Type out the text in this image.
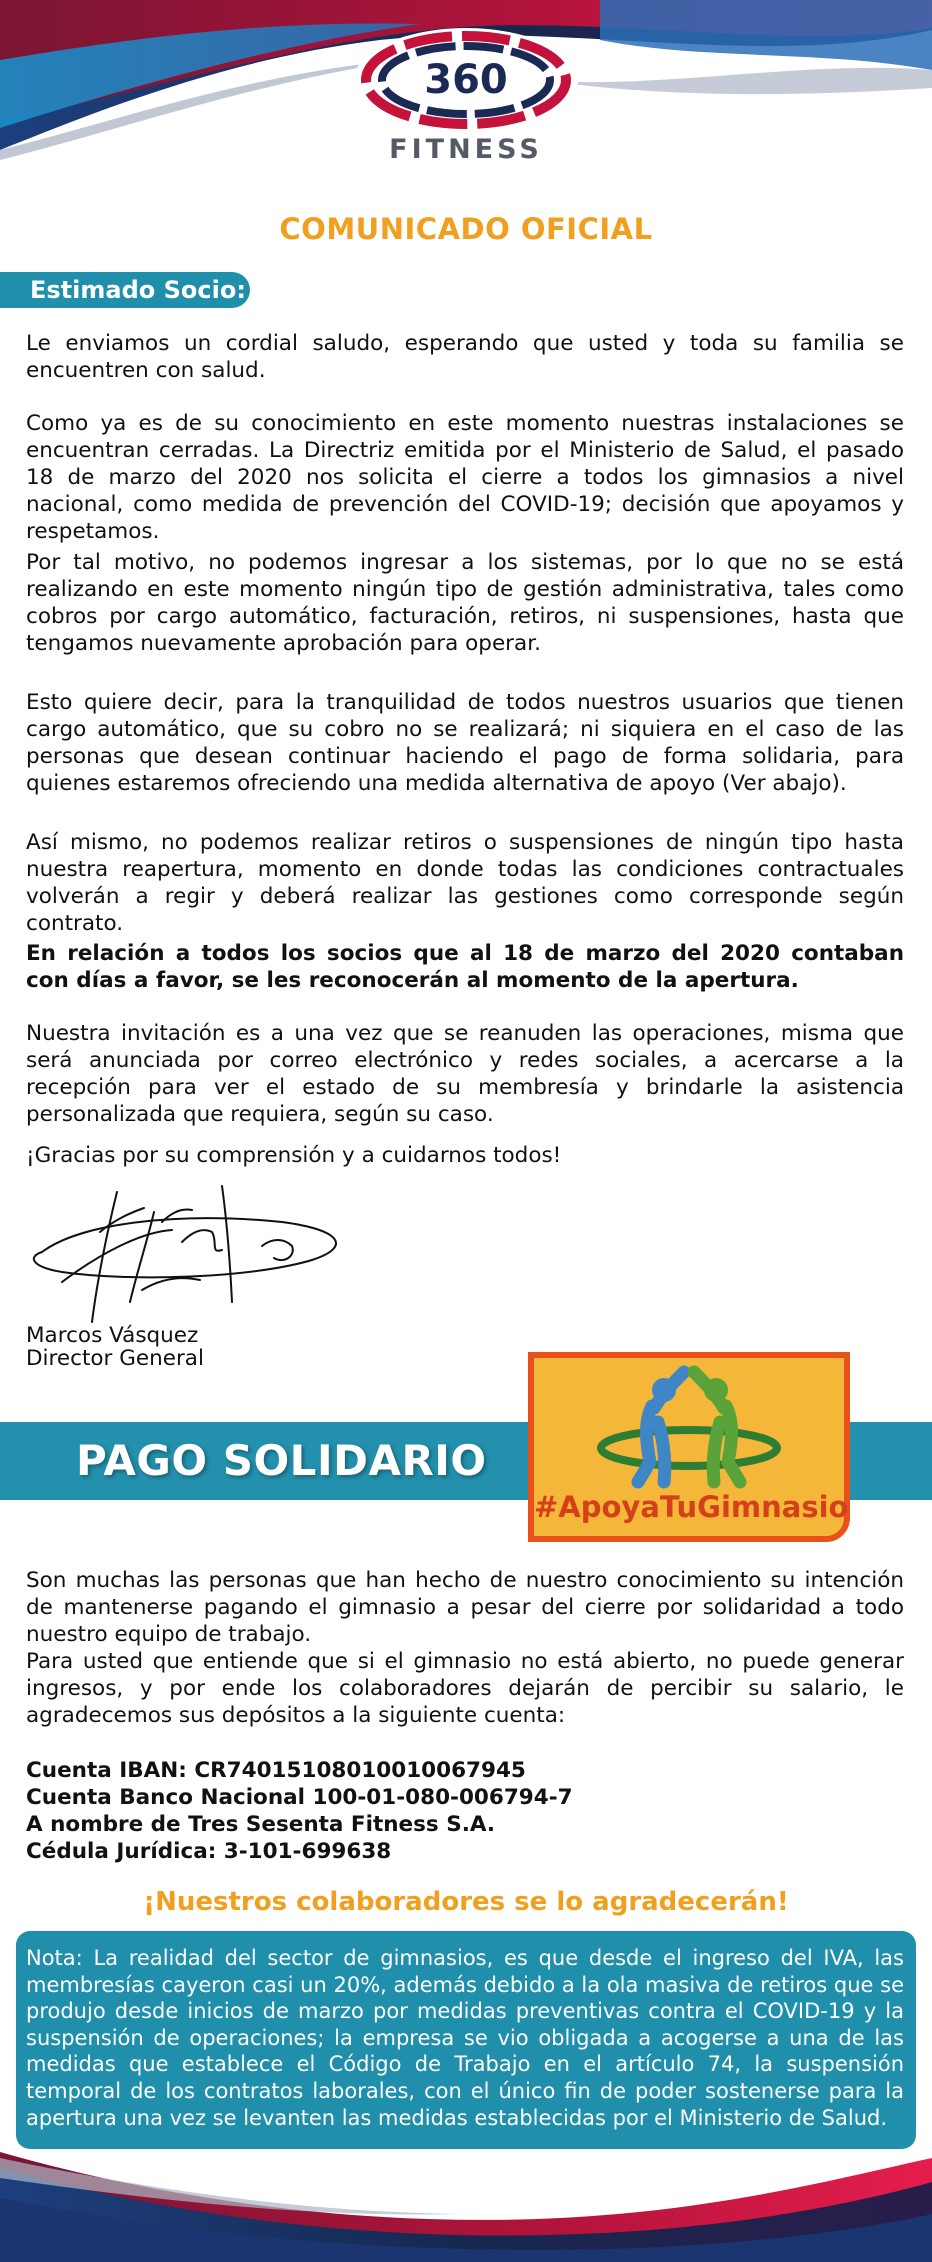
360
FITNESS
COMUNICADO OFICIAL
Estimado Socio:

Le enviamos un cordial saludo, esperando que usted y toda su familia se encuentren con salud.

Como ya es de su conocimiento en este momento nuestras instalaciones se encuentran cerradas. La Directriz emitida por el Ministerio de Salud, el pasado 18 de marzo del 2020 nos solicita el cierre a todos los gimnasios a nivel nacional, como medida de prevención del COVID-19; decisión que apoyamos y respetamos.

Por tal motivo, no podemos ingresar a los sistemas, por lo que no se está realizando en este momento ningún tipo de gestión administrativa, tales como cobros por cargo automático, facturación, retiros, ni suspensiones, hasta que tengamos nuevamente aprobación para operar.

Esto quiere decir, para la tranquilidad de todos nuestros usuarios que tienen cargo automático, que su cobro no se realizará; ni siquiera en el caso de las personas que desean continuar haciendo el pago de forma solidaria, para quienes estaremos ofreciendo una medida alternativa de apoyo (Ver abajo).

Así mismo, no podemos realizar retiros o suspensiones de ningún tipo hasta nuestra reapertura, momento en donde todas las condiciones contractuales volverán a regir y deberá realizar las gestiones como corresponde según contrato.

En relación a todos los socios que al 18 de marzo del 2020 contaban con días a favor, se les reconocerán al momento de la apertura.

Nuestra invitación es a una vez que se reanuden las operaciones, misma que será anunciada por correo electrónico y redes sociales, a acercarse a la recepción para ver el estado de su membresía y brindarle la asistencia personalizada que requiera, según su caso.

¡Gracias por su comprensión y a cuidarnos todos!

Marcos Vásquez
Director General
PAGO SOLIDARIO
#ApoyaTuGimnasio

Son muchas las personas que han hecho de nuestro conocimiento su intención de mantenerse pagando el gimnasio a pesar del cierre por solidaridad a todo nuestro equipo de trabajo.

Para usted que entiende que si el gimnasio no está abierto, no puede generar ingresos, y por ende los colaboradores dejarán de percibir su salario, le agradecemos sus depósitos a la siguiente cuenta:

Cuenta IBAN: CR74015108010010067945
Cuenta Banco Nacional 100-01-080-006794-7
A nombre de Tres Sesenta Fitness S.A.
Cédula Jurídica: 3-101-699638
¡Nuestros colaboradores se lo agradecerán!
Nota: La realidad del sector de gimnasios, es que desde el ingreso del IVA, las membresías cayeron casi un 20%, además debido a la ola masiva de retiros que se produjo desde inicios de marzo por medidas preventivas contra el COVID-19 y la suspensión de operaciones; la empresa se vio obligada a acogerse a una de las medidas que establece el Código de Trabajo en el artículo 74, la suspensión temporal de los contratos laborales, con el único fin de poder sostenerse para la apertura una vez se levanten las medidas establecidas por el Ministerio de Salud.
